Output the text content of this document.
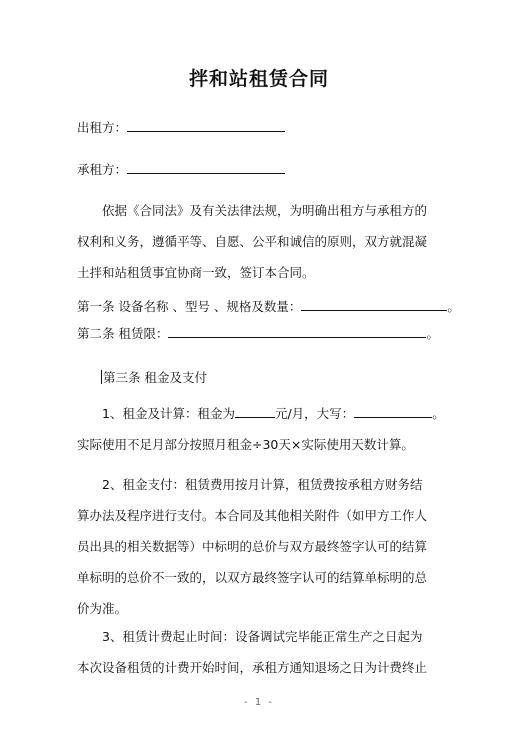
拌和站租赁合同
出租方：
承租方：
依据《合同法》及有关法律法规，为明确出租方与承租方的
权利和义务，遵循平等、自愿、公平和诚信的原则，双方就混凝
土拌和站租赁事宜协商一致，签订本合同。
第一条 设备名称 、型号 、规格及数量：	。
第二条 租赁限：	。
第三条 租金及支付
1、租金及计算：租金为	元/月，大写：	。
实际使用不足月部分按照月租金÷30天×实际使用天数计算。
2、租金支付：租赁费用按月计算，租赁费按承租方财务结
算办法及程序进行支付。本合同及其他相关附件（如甲方工作人
员出具的相关数据等）中标明的总价与双方最终签字认可的结算
单标明的总价不一致的，以双方最终签字认可的结算单标明的总
价为准。
3、租赁计费起止时间：设备调试完毕能正常生产之日起为
本次设备租赁的计费开始时间，承租方通知退场之日为计费终止
- 1 -
